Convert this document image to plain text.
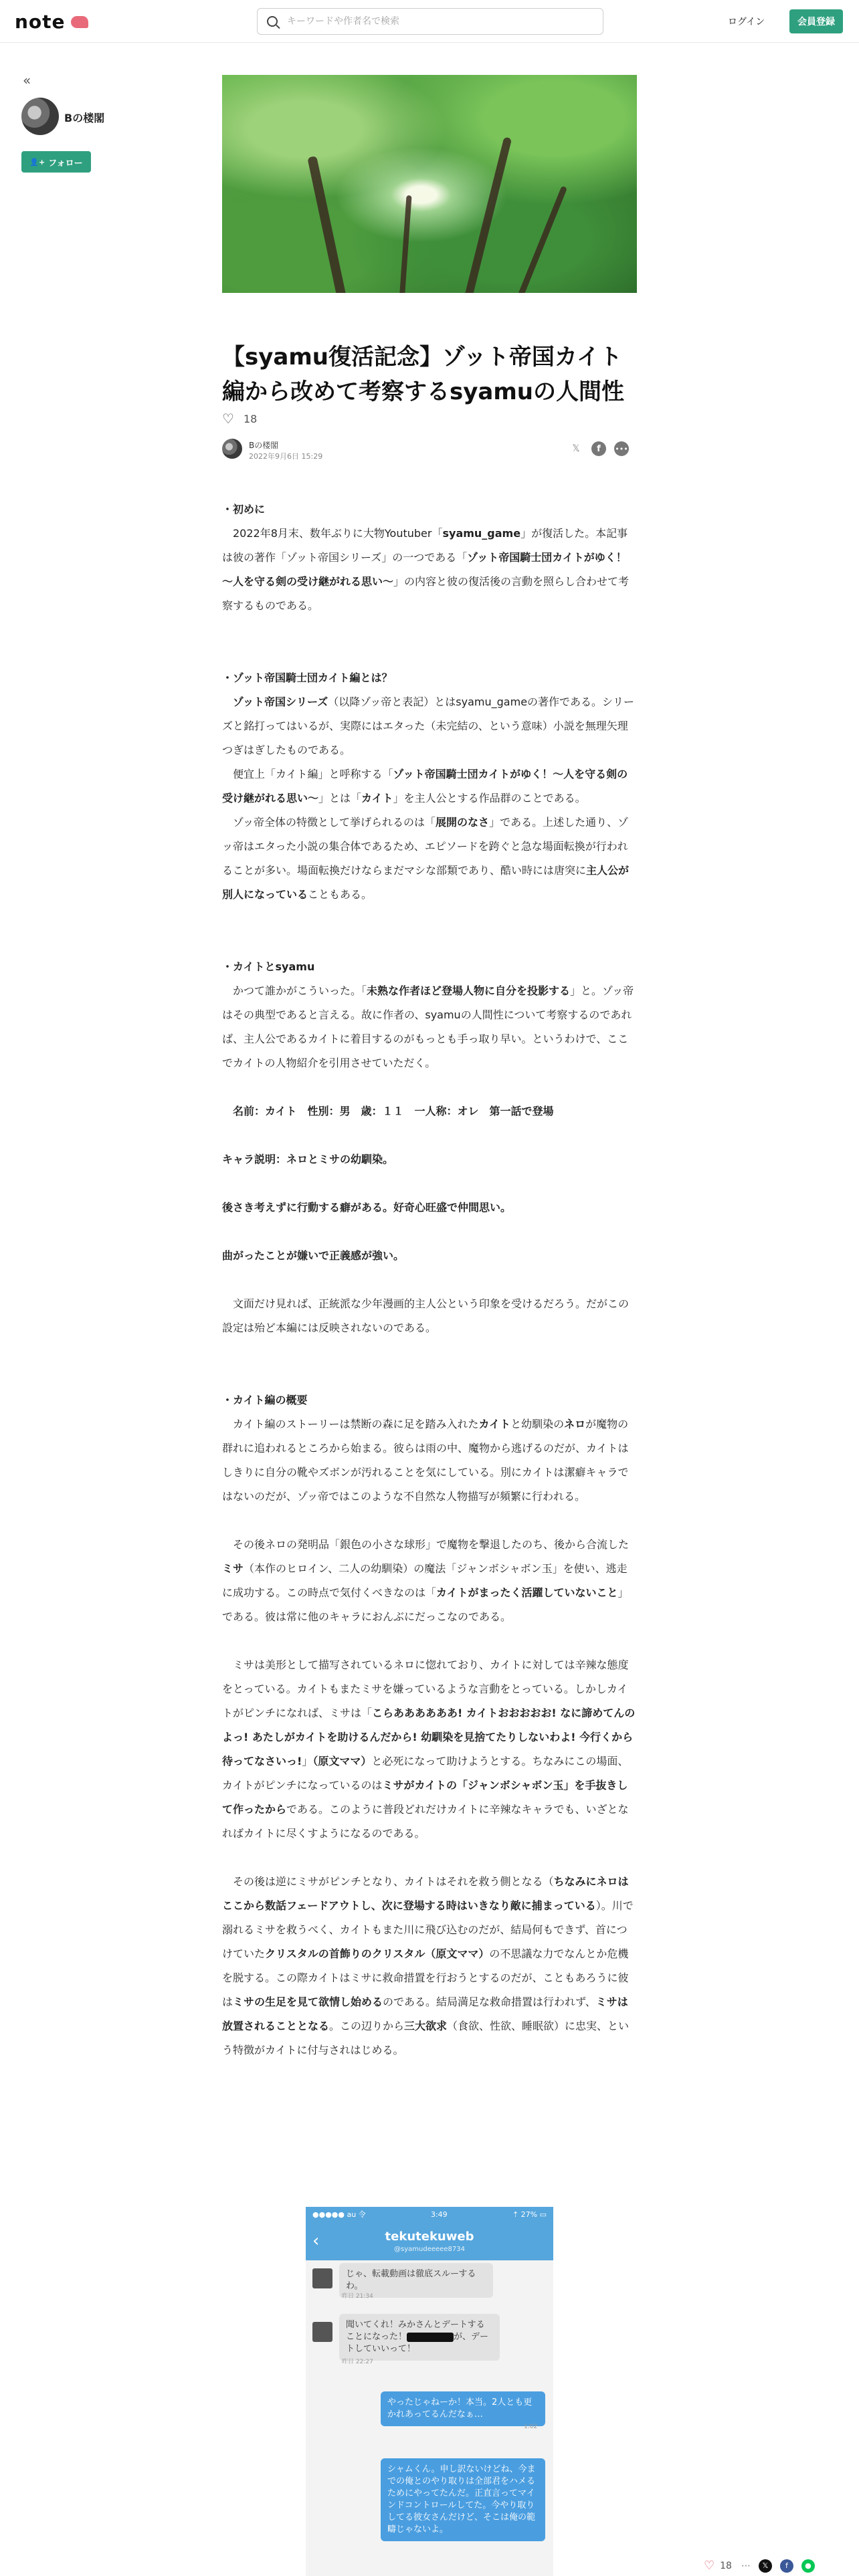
note
キーワードや作者名で検索	ログイン	会員登録
«
Bの楼閣
👤+ フォロー
【syamu復活記念】ゾット帝国カイト編から改めて考察するsyamuの人間性
♡ 18
Bの楼閣
2022年9月6日 15:29
𝕏	f	•••

・初めに

　2022年8月末、数年ぶりに大物Youtuber「syamu_game」が復活した。本記事は彼の著作「ゾット帝国シリーズ」の一つである「ゾット帝国騎士団カイトがゆく！～人を守る剣の受け継がれる思い～」の内容と彼の復活後の言動を照らし合わせて考察するものである。

・ゾット帝国騎士団カイト編とは？

　ゾット帝国シリーズ（以降ゾッ帝と表記）とはsyamu_gameの著作である。シリーズと銘打ってはいるが、実際にはエタった（未完結の、という意味）小説を無理矢理つぎはぎしたものである。

　便宜上「カイト編」と呼称する「ゾット帝国騎士団カイトがゆく！～人を守る剣の受け継がれる思い～」とは「カイト」を主人公とする作品群のことである。

　ゾッ帝全体の特徴として挙げられるのは「展開のなさ」である。上述した通り、ゾッ帝はエタった小説の集合体であるため、エピソードを跨ぐと急な場面転換が行われることが多い。場面転換だけならまだマシな部類であり、酷い時には唐突に主人公が別人になっていることもある。

・カイトとsyamu

　かつて誰かがこういった。「未熟な作者ほど登場人物に自分を投影する」と。ゾッ帝はその典型であると言える。故に作者の、syamuの人間性について考察するのであれば、主人公であるカイトに着目するのがもっとも手っ取り早い。というわけで、ここでカイトの人物紹介を引用させていただく。

　名前：カイト　性別：男　歳：１１　一人称：オレ　第一話で登場

キャラ説明：ネロとミサの幼馴染。

後さき考えずに行動する癖がある。好奇心旺盛で仲間思い。

曲がったことが嫌いで正義感が強い。

　文面だけ見れば、正統派な少年漫画的主人公という印象を受けるだろう。だがこの設定は殆ど本編には反映されないのである。

・カイト編の概要

　カイト編のストーリーは禁断の森に足を踏み入れたカイトと幼馴染のネロが魔物の群れに追われるところから始まる。彼らは雨の中、魔物から逃げるのだが、カイトはしきりに自分の靴やズボンが汚れることを気にしている。別にカイトは潔癖キャラではないのだが、ゾッ帝ではこのような不自然な人物描写が頻繁に行われる。

　その後ネロの発明品「銀色の小さな球形」で魔物を撃退したのち、後から合流したミサ（本作のヒロイン、二人の幼馴染）の魔法「ジャンボシャボン玉」を使い、逃走に成功する。この時点で気付くべきなのは「カイトがまったく活躍していないこと」である。彼は常に他のキャラにおんぶにだっこなのである。

　ミサは美形として描写されているネロに惚れており、カイトに対しては辛辣な態度をとっている。カイトもまたミサを嫌っているような言動をとっている。しかしカイトがピンチになれば、ミサは「こらああああああ! カイトおおおおお! なに諦めてんのよっ! あたしがカイトを助けるんだから! 幼馴染を見捨てたりしないわよ! 今行くから待ってなさいっ!」（原文ママ）と必死になって助けようとする。ちなみにこの場面、カイトがピンチになっているのはミサがカイトの「ジャンボシャボン玉」を手抜きして作ったからである。このように普段どれだけカイトに辛辣なキャラでも、いざとなればカイトに尽くすようになるのである。

　その後は逆にミサがピンチとなり、カイトはそれを救う側となる（ちなみにネロはここから数話フェードアウトし、次に登場する時はいきなり敵に捕まっている）。川で溺れるミサを救うべく、カイトもまた川に飛び込むのだが、結局何もできず、首につけていたクリスタルの首飾りのクリスタル（原文ママ）の不思議な力でなんとか危機を脱する。この際カイトはミサに救命措置を行おうとするのだが、こともあろうに彼はミサの生足を見て欲情し始めるのである。結局満足な救命措置は行われず、ミサは放置されることとなる。この辺りから三大欲求（食欲、性欲、睡眠欲）に忠実、という特徴がカイトに付与されはじめる。

●●●●● au 令	3:49	⇡ 27% ▭
‹	tekutekuweb
@syamudeeeee8734
じゃ、転載動画は徹底スルーするわ。
昨日 21:34
聞いてくれ！みかさんとデートすることになった！	が、デートしていいって！
昨日 22:27
やったじゃねーか！本当。2人とも更かれあってるんだなぁ…
1:02
シャムくん。申し訳ないけどね、今までの俺とのやり取りは全部君をハメるためにやってたんだ。正直言ってマインドコントロールしてた。今やり取りしてる彼女さんだけど、そこは俺の範疇じゃないよ。
♡ 18 ⋯	𝕏	f	●
